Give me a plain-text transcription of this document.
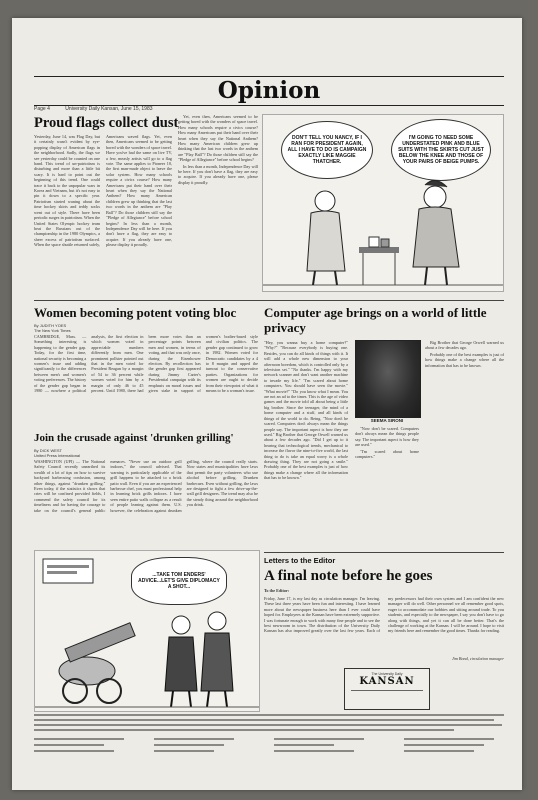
Opinion
Page 4	University Daily Kansan, June 15, 1983
Proud flags collect dust
Yesterday, June 14, was Flag Day, but it certainly wasn't evident by eye-popping display of American flags in the neighborhood. Sadly, the flags we see yesterday could be counted on one hand. This trend of un-patriotism is disturbing and more than a little bit scary. It is hard to point out the beginning of this trend. One could trace it back to the unpopular wars in Korea and Vietnam, but it's not easy to pin it down to a specific year. Patriotism started waning about the time hockey skirts and teddy socks went out of style. There have been periodic surges in patriotism. When the United States Olympic hockey team beat the Russians out of the championship in the 1980 Olympics, a sheer excess of patriotism surfaced. When the space shuttle returned safely, Americans waved flags. Yet, even then, Americans seemed to be getting bored with the wonders of space travel. Have you've had the same on live TV, a few, measly artists will go to a flag vote. The same applies to Pioneer 10, the first man-made object to leave the solar system. How many schools require a civics course? How many Americans put their hand over their heart when they say the National Anthem? How many American children grew up thinking that the last two words in the anthem are "Play Ball"? Do those children still say the "Pledge of Allegiance" before school begins? In less than a month, Independence Day will be here. If you don't have a flag, they are easy to acquire. If you already have one, please display it proudly.
DON'T TELL YOU NANCY, IF I RAN FOR PRESIDENT AGAIN, ALL I HAVE TO DO IS CAMPAIGN EXACTLY LIKE MAGGIE THATCHER.
I'M GOING TO NEED SOME UNDERSTATED PINK AND BLUE SUITS WITH THE SKIRTS CUT JUST BELOW THE KNEE AND THOSE OF YOUR PAIRS OF BEIGE PUMPS.

Yet, even then, Americans seemed to be getting bored with the wonders of space travel. How many schools require a civics course? How many Americans put their hand over their heart when they say the National Anthem? How many American children grew up thinking that the last two words in the anthem are "Play Ball"? Do those children still say the "Pledge of Allegiance" before school begins?

In less than a month, Independence Day will be here. If you don't have a flag, they are easy to acquire. If you already have one, please display it proudly.

Women becoming potent voting bloc
By JUDITH YOES
The New York Times
CAMBRIDGE, Mass. — Something interesting is happening to the gender gap. Today, for the first time, national security is becoming a women's issue and adding significantly to the differences between men's and women's voting preferences. The history of the gender gap began in 1980 — nowhere a political analysts, the first election in which women voted in appreciable numbers differently from men. One prominent pollster pointed out that in the men voted for President Reagan by a margin of 54 to 36 percent while women voted for him by a margin of only 46 to 45 percent. Until 1980, there had been more votes than an percentage points between men and women, in terms of voting, and that was only once, during the Eisenhower election. By recollection has the gender gap first appeared during Jimmy Carter's Presidential campaign with its emphasis on moral issues and given stake in support of women's bodies-based style and civilian politics. The gender gap continued to grow in 1982. Women voted for Democratic candidates by a 4 to 8 margin and upped the turnout to the conservative parties. Organizations for women are ought to decide from their viewpoint of what it means to be a woman's issue.
Join the crusade against 'drunken grilling'
By DICK WEST
United Press International
WASHINGTON (UPI) — The National Safety Council recently unearthed its wealth of a lot of tips on how to survive backyard barbecuing confusion, among other things, against "drunken grilling." Even today, if the statistics it shows that cries will be confined provided fields, I commend the safety council for its timeliness and for having the courage to take on the council's general public menaces. "Never use an outdoor grill indoors," the council advised. That warning is particularly applicable of the grill happens to be attached to a brick patio wall. Even if you are an experienced barbecue chef, you must professional help in learning brick grills indoors. I have seen entire patio walls collapse as a result of people leaning against them. U.S. however, the celebration against drunken grilling, where the council really starts. Now states and municipalities have laws that permit the party volunteers who use alcohol before grilling. Drunken barbecues. Even without grilling, the laws are designed to fight a few drive-up-the-wall grill designers. The trend may also be the steady thing around the neighborhood you drink.
Computer age brings on a world of little privacy
"Hey, you wanna buy a home computer?" "Why?" "Because everybody is buying one. Besides, you can do all kinds of things with it. It will add a whole new dimension to your afternoon boredom, which is controlled only by a television set." "No thanks. I'm happy with my network scanner and don't want another machine to invade my life." "I'm scared about home computers. You should have seen the movie." "What movie?" "Do you know what I mean. You are not an ad to the times. This is the age of video games and the movie told all about being a little big brother. Since the teenager, the mind of a home computer and a stuff, and all kinds of things of the world to do. Being. "Now don't be scared. Computers don't always mean the things people say. The important aspect is how they are used." Big Brother that George Orwell warned us about a few decades ago. "Did I get up to it hearing that technological trends, mechanical to increase the flavor the nine-to-five world, the last thing to do is take an equal worry is a whole drawing thing. They are not going a smile." Probably one of the best examples is just of how things make a change where all the information that has to be known."
SEEMA SIRONI

"Now don't be scared. Computers don't always mean the things people say. The important aspect is how they are used."

"I'm scared about home computers."

Big Brother that George Orwell warned us about a few decades ago.

Probably one of the best examples is just of how things make a change where all the information that has to be known.

...TAKE TOM ENDERS' ADVICE...LET'S GIVE DIPLOMACY A SHOT...
Letters to the Editor
A final note before he goes
To the Editor:
Friday, June 17, is my last day as circulation manager. I'm leaving. These last three years have been fun and interesting. I have learned more about the newspaper business here than I ever could have hoped for. Employees at the Kansan have been extremely supportive. I was fortunate enough to work with many fine people and to see the best newsroom in town. The distribution of the University Daily Kansan has also improved greatly over the last few years. Each of my predecessors had their own system and I am confident the new manager will do well. Other personnel we all remember good spots, eager to accommodate our hobbies and sitting around trade. To you students, and especially to the newspaper, I say you don't have to go along with things, and yet it can all be done better. That's the challenge of working at the Kansan. I will be around. I hope to visit my friends here and remember the good times. Thanks for reading.
Jim Bond, circulation manager
The University Daily
KANSAN
